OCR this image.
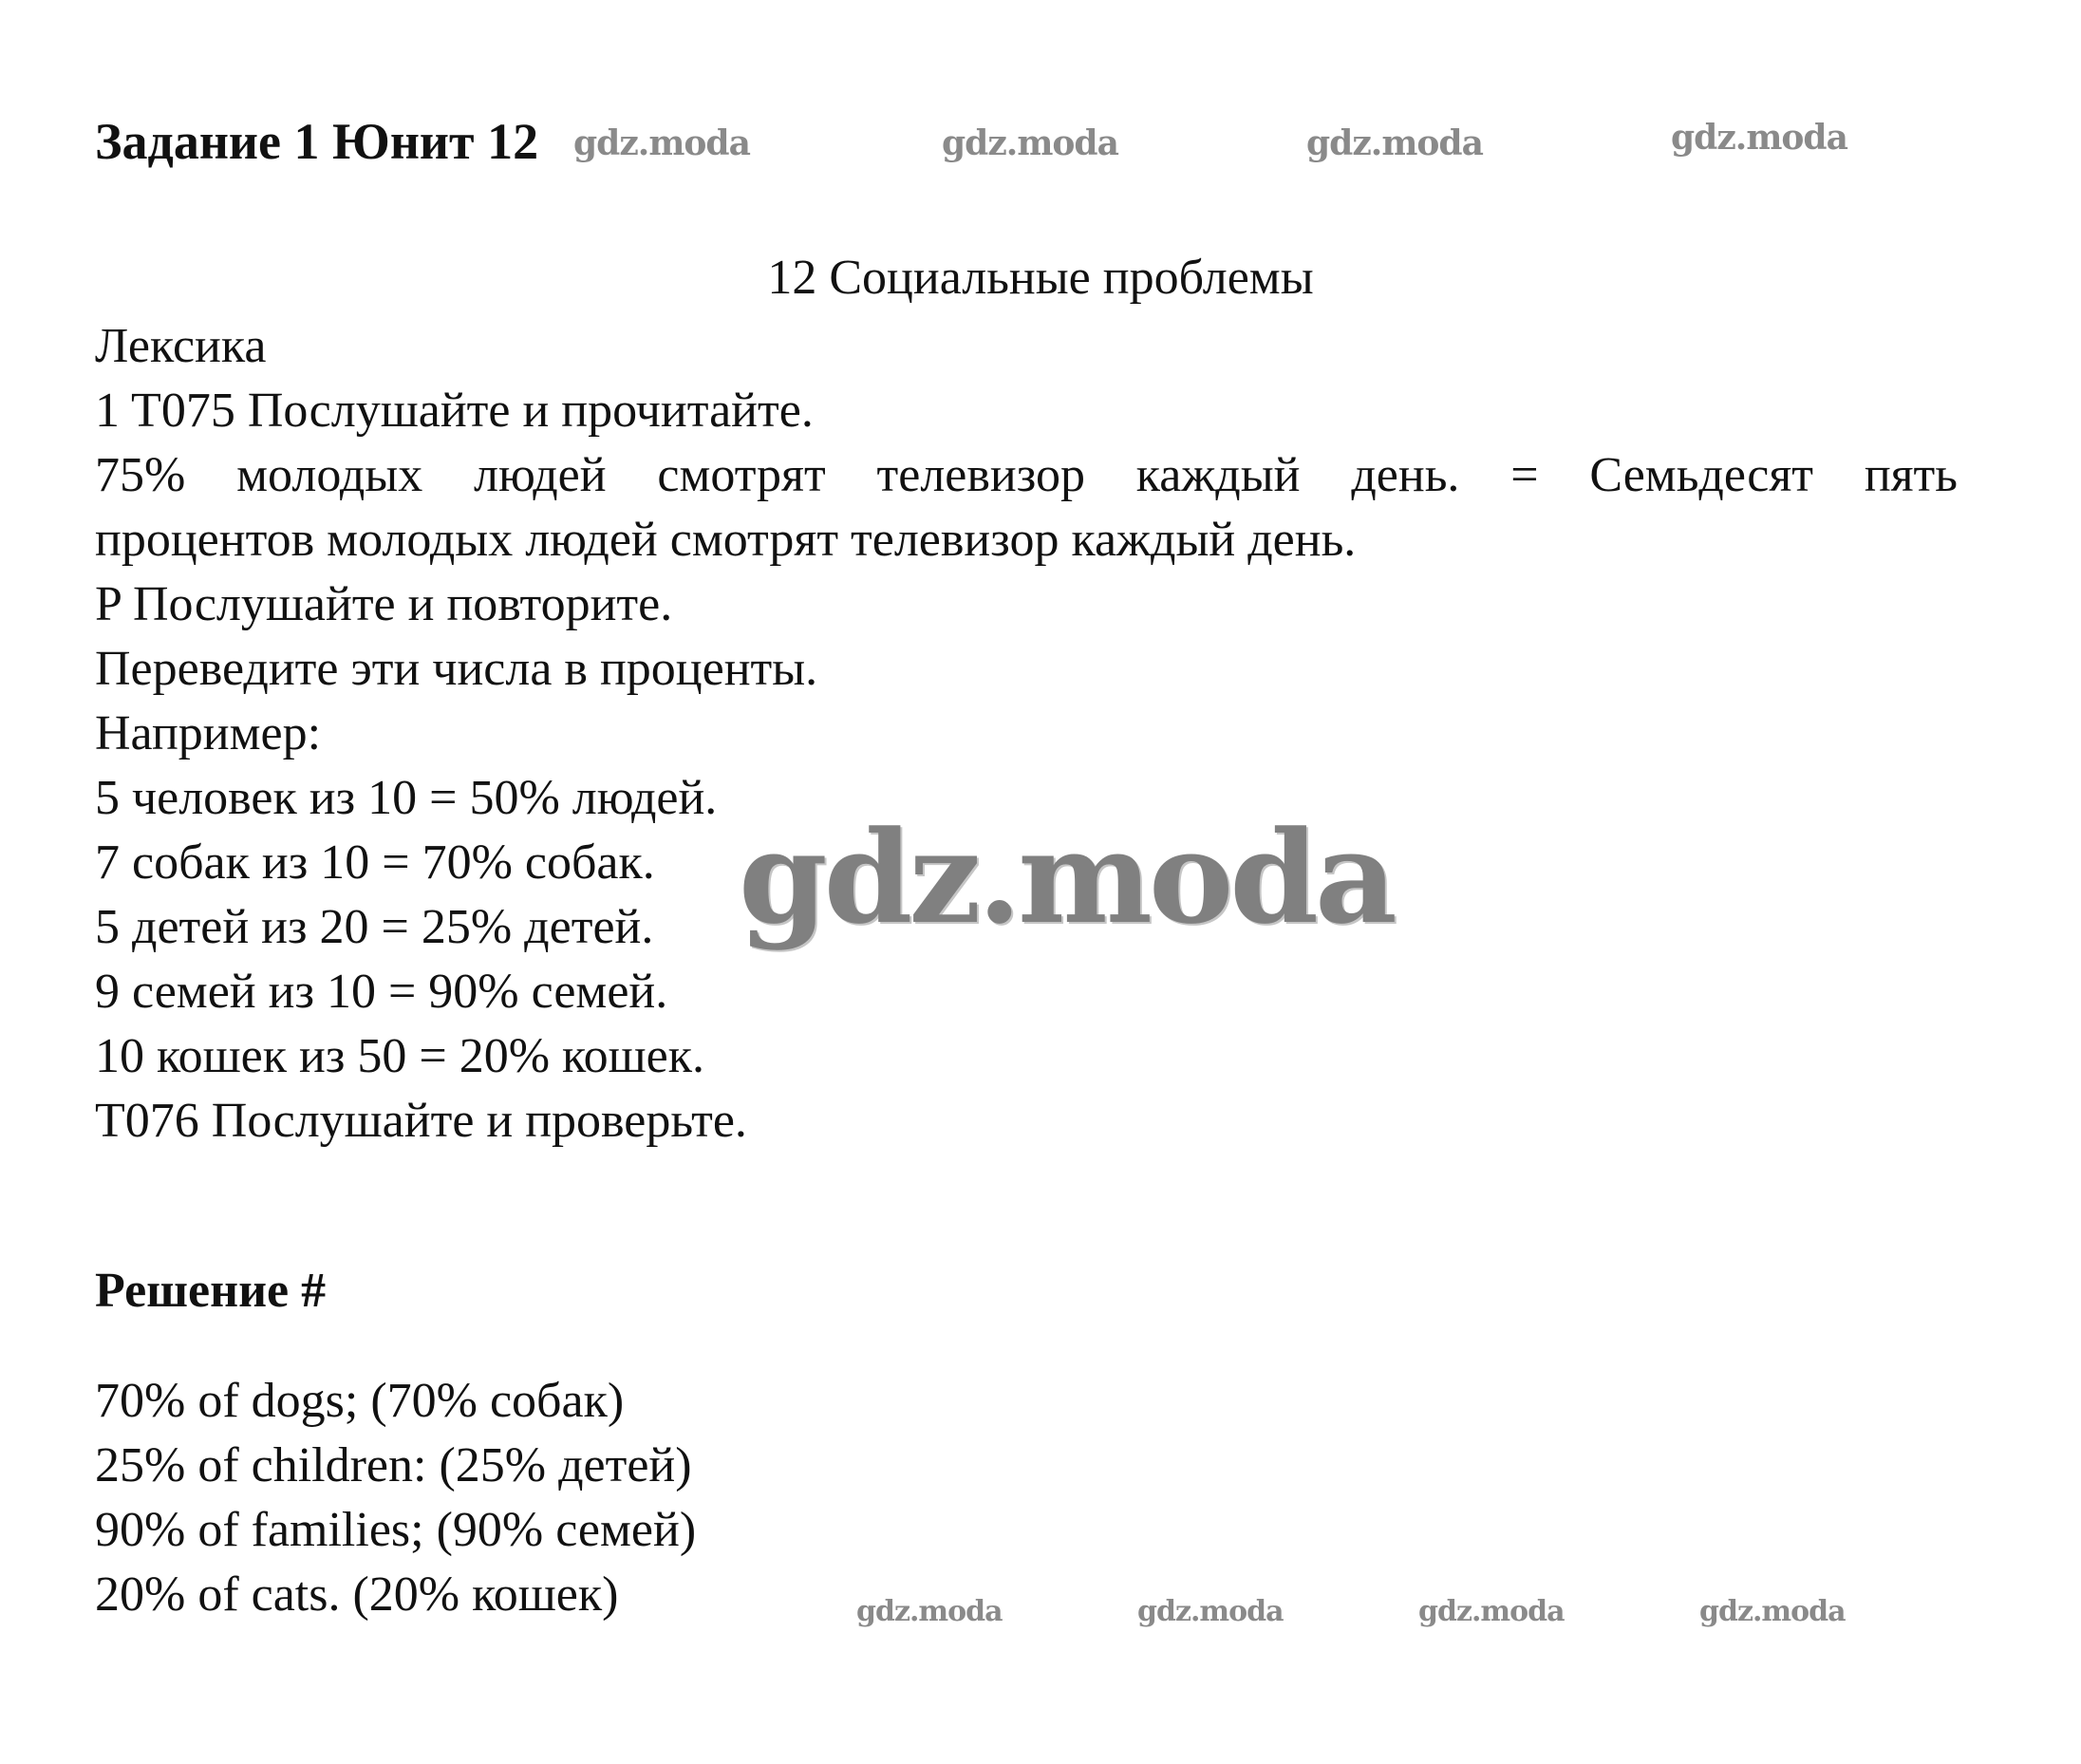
Задание 1 Юнит 12 gdz.moda	gdz.moda	gdz.moda	gdz.moda
12 Социальные проблемы
Лексика
1 T075 Послушайте и прочитайте.
75% молодых людей смотрят телевизор каждый день. = Семьдесят пять
процентов молодых людей смотрят телевизор каждый день.
P Послушайте и повторите.
Переведите эти числа в проценты.
Например:
5 человек из 10 = 50% людей.
7 собак из 10 = 70% собак.
5 детей из 20 = 25% детей.
9 семей из 10 = 90% семей.
10 кошек из 50 = 20% кошек.
T076 Послушайте и проверьте.
gdz.moda
Решение #
70% of dogs; (70% собак)
25% of children: (25% детей)
90% of families; (90% семей)
20% of cats. (20% кошек)	gdz.moda	gdz.moda	gdz.moda	gdz.moda
